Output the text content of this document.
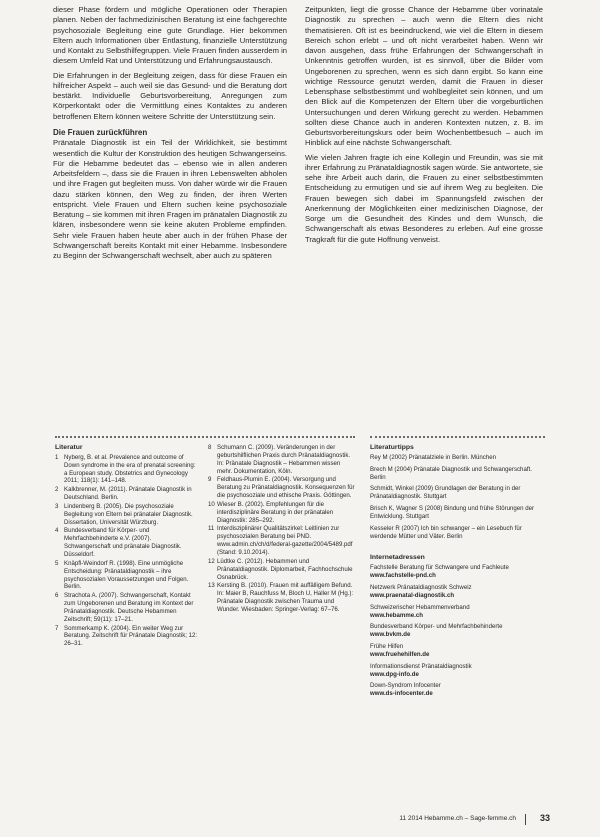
dieser Phase fördern und mögliche Operationen oder Therapien planen. Neben der fachmedizinischen Beratung ist eine fachgerechte psychosoziale Begleitung eine gute Grundlage. Hier bekommen Eltern auch Informationen über Entlastung, finanzielle Unterstützung und Kontakt zu Selbsthilfegruppen. Viele Frauen finden ausserdem in diesem Umfeld Rat und Unterstützung und Erfahrungsaustausch.

Die Erfahrungen in der Begleitung zeigen, dass für diese Frauen ein hilfreicher Aspekt – auch weil sie das Gesund- und die Beratung dort bestärkt. Individuelle Geburtsvorbereitung, Anregungen zum Körperkontakt oder die Vermittlung eines Kontaktes zu anderen betroffenen Eltern können weitere Schritte der Unterstützung sein.

Die Frauen zurückführen

Pränatale Diagnostik ist ein Teil der Wirklichkeit, sie bestimmt wesentlich die Kultur der Konstruktion des heutigen Schwangerseins. Für die Hebamme bedeutet das – ebenso wie in allen anderen Arbeitsfeldern –, dass sie die Frauen in ihren Lebenswelten abholen und ihre Fragen gut begleiten muss. Von daher würde wir die Frauen dazu stärken können, den Weg zu finden, der ihren Werten entspricht. Viele Frauen und Eltern suchen keine psychosoziale Beratung – sie kommen mit ihren Fragen im pränatalen Diagnostik zu klären, insbesondere wenn sie keine akuten Probleme empfinden. Sehr viele Frauen haben heute aber auch in der frühen Phase der Schwangerschaft bereits Kontakt mit einer Hebamme. Insbesondere zu Beginn der Schwangerschaft wechselt, aber auch zu späteren

Zeitpunkten, liegt die grosse Chance der Hebamme über vorinatale Diagnostik zu sprechen – auch wenn die Eltern dies nicht thematisieren. Oft ist es beeindruckend, wie viel die Eltern in diesem Bereich schon erlebt – und oft nicht verarbeitet haben. Wenn wir davon ausgehen, dass frühe Erfahrungen der Schwangerschaft in Unkenntnis getroffen wurden, ist es sinnvoll, über die Bilder vom Ungeborenen zu sprechen, wenn es sich dann ergibt. So kann eine wichtige Ressource genutzt werden, damit die Frauen in dieser Lebensphase selbstbestimmt und wohlbegleitet sein können, und um den Blick auf die Kompetenzen der Eltern über die vorgeburtlichen Untersuchungen und deren Wirkung gerecht zu werden. Hebammen sollten diese Chance auch in anderen Kontexten nutzen, z. B. im Geburtsvorbereitungskurs oder beim Wochenbettbesuch – auch im Hinblick auf eine nächste Schwangerschaft.

Wie vielen Jahren fragte ich eine Kollegin und Freundin, was sie mit ihrer Erfahrung zu Pränataldiagnostik sagen würde. Sie antwortete, sie sehe ihre Arbeit auch darin, die Frauen zu einer selbstbestimmten Entscheidung zu ermutigen und sie auf ihrem Weg zu begleiten. Die Frauen bewegen sich dabei im Spannungsfeld zwischen der Anerkennung der Möglichkeiten einer medizinischen Diagnose, der Sorge um die Gesundheit des Kindes und dem Wunsch, die Schwangerschaft als etwas Besonderes zu erleben. Auf eine grosse Tragkraft für die gute Hoffnung verweist.

Literatur
1 Nyberg, B. et al. Prevalence and outcome of Down syndrome in the era of prenatal screening: a European study. Obstetrics and Gynecology 2011; 118(1): 141–148.
2 Kalkbrenner, M. (2011). Pränatale Diagnostik in Deutschland. Berlin.
3 Lindenberg B. (2005). Die psychosoziale Begleitung von Eltern bei pränataler Diagnostik. Dissertation, Universität Würzburg.
4 Bundesverband für Körper- und Mehrfachbehinderte e.V. (2007). Schwangerschaft und pränatale Diagnostik. Düsseldorf.
5 Knäpfl-Weindorf R. (1998). Eine unmögliche Entscheidung: Pränataldiagnostik – ihre psychosozialen Voraussetzungen und Folgen. Berlin.
6 Strachota A. (2007). Schwangerschaft, Kontakt zum Ungeborenen und Beratung im Kontext der Pränataldiagnostik. Deutsche Hebammen Zeitschrift; 59(11): 17–21.
7 Sommerkamp K. (2004). Ein weiter Weg zur Beratung. Zeitschrift für Pränatale Diagnostik; 12: 26–31.
8 Schumann C. (2009). Veränderungen in der geburtshilflichen Praxis durch Pränataldiagnostik. In: Pränatale Diagnostik – Hebammen wissen mehr. Dokumentation, Köln.
9 Feldhaus-Plumin E. (2004). Versorgung und Beratung zu Pränataldiagnostik. Konsequenzen für die psychosoziale und ethische Praxis. Göttingen.
10 Wieser B. (2002). Empfehlungen für die interdisziplinäre Beratung in der pränatalen Diagnostik: 285–292.
11 Interdisziplinärer Qualitätszirkel: Leitlinien zur psychosozialen Beratung bei PND. www.admin.ch/ch/d/federal-gazette/2004/5489.pdf (Stand: 9.10.2014).
12 Lüdtke C. (2012). Hebammen und Pränataldiagnostik. Diplomarbeit, Fachhochschule Osnabrück.
13 Kersting B. (2010). Frauen mit auffälligem Befund. In: Maier B, Rauchfuss M, Bloch U, Haller M (Hg.): Pränatale Diagnostik zwischen Trauma und Wunder. Wiesbaden: Springer-Verlag: 67–76.
Literaturtipps
Rey M (2002) Pränatalziele in Berlin. München
Brech M (2004) Pränatale Diagnostik und Schwangerschaft. Berlin
Schmidt, Winkel (2009) Grundlagen der Beratung in der Pränataldiagnostik. Stuttgart
Brisch K, Wagner S (2008) Bindung und frühe Störungen der Entwicklung. Stuttgart
Kesseler R (2007) Ich bin schwanger – ein Lesebuch für werdende Mütter und Väter. Berlin
Internetadressen
Fachstelle Beratung für Schwangere und Fachleute
www.fachstelle-pnd.ch
Netzwerk Pränataldiagnostik Schweiz
www.praenatal-diagnostik.ch
Schweizerischer Hebammenverband
www.hebamme.ch
Bundesverband Körper- und Mehrfachbehinderte
www.bvkm.de
Frühe Hilfen
www.fruehehilfen.de
Informationsdienst Pränataldiagnostik
www.dpg-info.de
Down-Syndrom Infocenter
www.ds-infocenter.de
11 2014 Hebamme.ch – Sage-femme.ch	33
